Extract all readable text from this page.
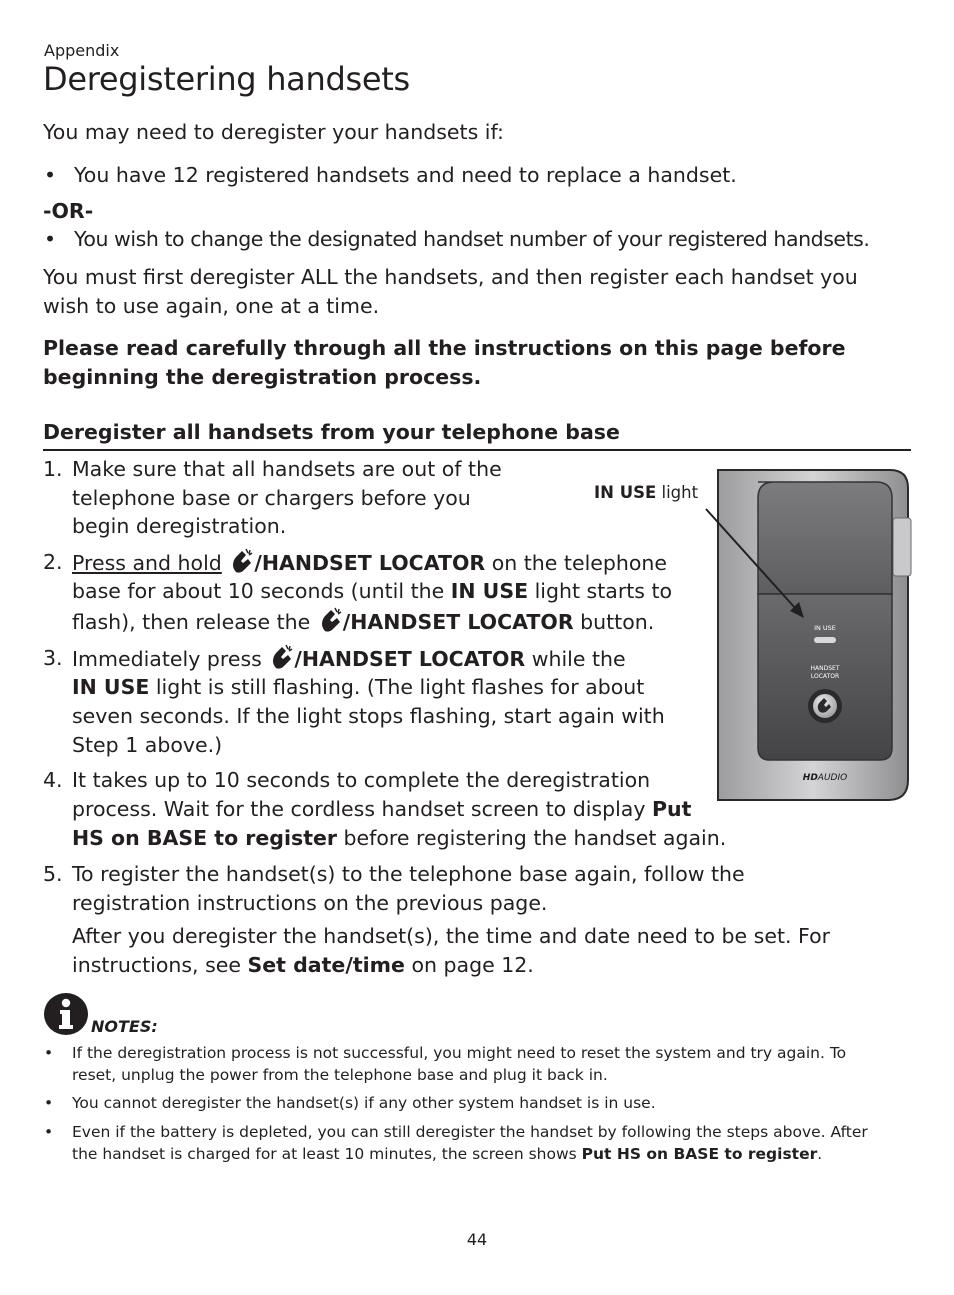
Appendix
Deregistering handsets
You may need to deregister your handsets if:
• You have 12 registered handsets and need to replace a handset.
-OR-
• You wish to change the designated handset number of your registered handsets.
You must first deregister ALL the handsets, and then register each handset you
wish to use again, one at a time.
Please read carefully through all the instructions on this page before
beginning the deregistration process.
Deregister all handsets from your telephone base
1. Make sure that all handsets are out of the
telephone base or chargers before you
begin deregistration.
2. Press and hold /HANDSET LOCATOR on the telephone
base for about 10 seconds (until the IN USE light starts to
flash), then release the /HANDSET LOCATOR button.
3. Immediately press /HANDSET LOCATOR while the
IN USE light is still flashing. (The light flashes for about
seven seconds. If the light stops flashing, start again with
Step 1 above.)
4. It takes up to 10 seconds to complete the deregistration
process. Wait for the cordless handset screen to display Put
HS on BASE to register before registering the handset again.
5. To register the handset(s) to the telephone base again, follow the
registration instructions on the previous page.
After you deregister the handset(s), the time and date need to be set. For
instructions, see Set date/time on page 12.
IN USE light
IN USE
HANDSET
LOCATOR
HDAUDIO
NOTES:
• If the deregistration process is not successful, you might need to reset the system and try again. To
reset, unplug the power from the telephone base and plug it back in.
• You cannot deregister the handset(s) if any other system handset is in use.
• Even if the battery is depleted, you can still deregister the handset by following the steps above. After
the handset is charged for at least 10 minutes, the screen shows Put HS on BASE to register.
44
